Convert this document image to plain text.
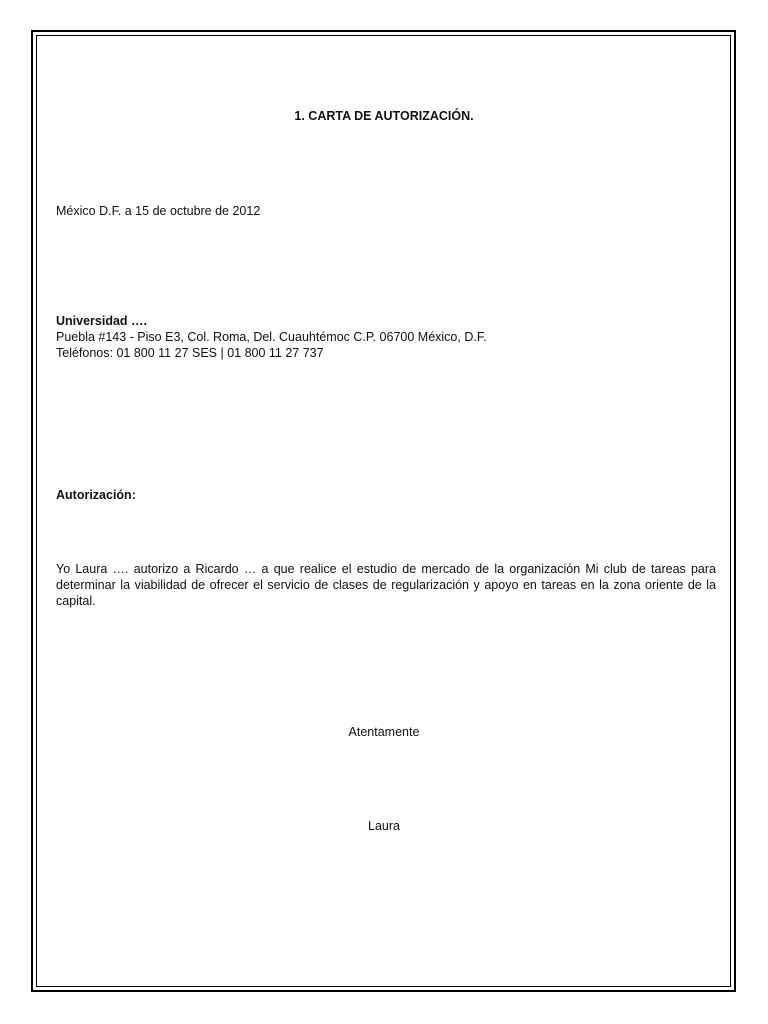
1. CARTA DE AUTORIZACIÓN.
México D.F. a 15 de octubre de 2012
Universidad ….
Puebla #143 - Piso E3, Col. Roma, Del. Cuauhtémoc C.P. 06700 México, D.F.
Teléfonos: 01 800 11 27 SES | 01 800 11 27 737
Autorización:
Yo Laura …. autorizo a Ricardo … a que realice el estudio de mercado de la organización Mi club de tareas para determinar la viabilidad de ofrecer el servicio de clases de regularización y apoyo en tareas en la zona oriente de la capital.
Atentamente
Laura
